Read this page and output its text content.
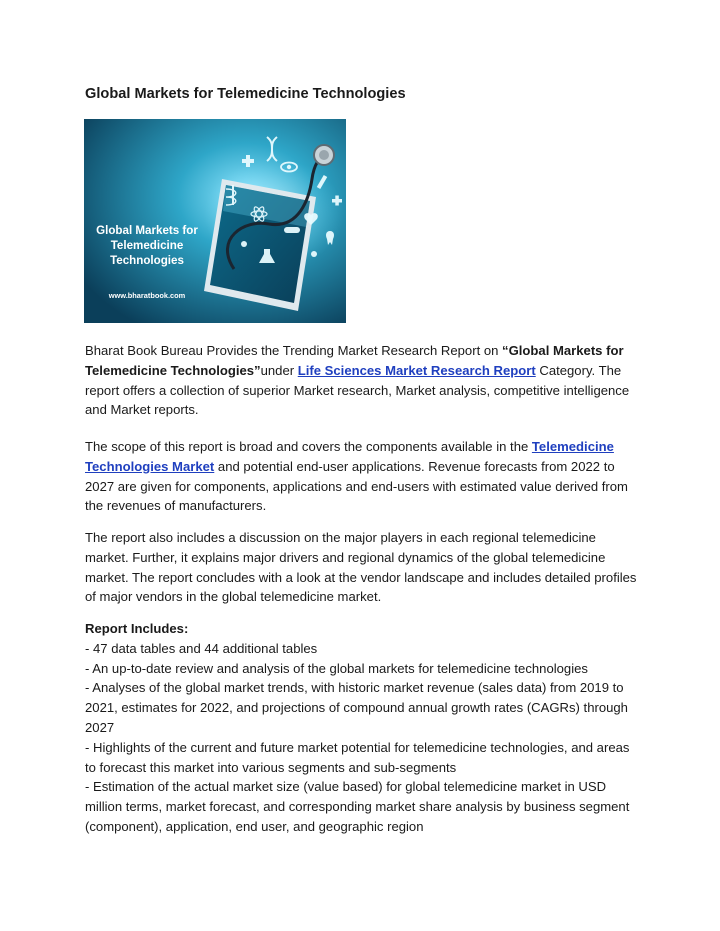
Global Markets for Telemedicine Technologies
Global Markets for
Telemedicine
Technologies
www.bharatbook.com

Bharat Book Bureau Provides the Trending Market Research Report on “Global Markets for Telemedicine Technologies”under Life Sciences Market Research Report Category. The report offers a collection of superior Market research, Market analysis, competitive intelligence and Market reports.

The scope of this report is broad and covers the components available in the Telemedicine Technologies Market and potential end-user applications. Revenue forecasts from 2022 to 2027 are given for components, applications and end-users with estimated value derived from the revenues of manufacturers.

The report also includes a discussion on the major players in each regional telemedicine market. Further, it explains major drivers and regional dynamics of the global telemedicine market. The report concludes with a look at the vendor landscape and includes detailed profiles of major vendors in the global telemedicine market.

Report Includes:
- 47 data tables and 44 additional tables
- An up-to-date review and analysis of the global markets for telemedicine technologies
- Analyses of the global market trends, with historic market revenue (sales data) from 2019 to 2021, estimates for 2022, and projections of compound annual growth rates (CAGRs) through 2027
- Highlights of the current and future market potential for telemedicine technologies, and areas to forecast this market into various segments and sub-segments
- Estimation of the actual market size (value based) for global telemedicine market in USD million terms, market forecast, and corresponding market share analysis by business segment (component), application, end user, and geographic region
